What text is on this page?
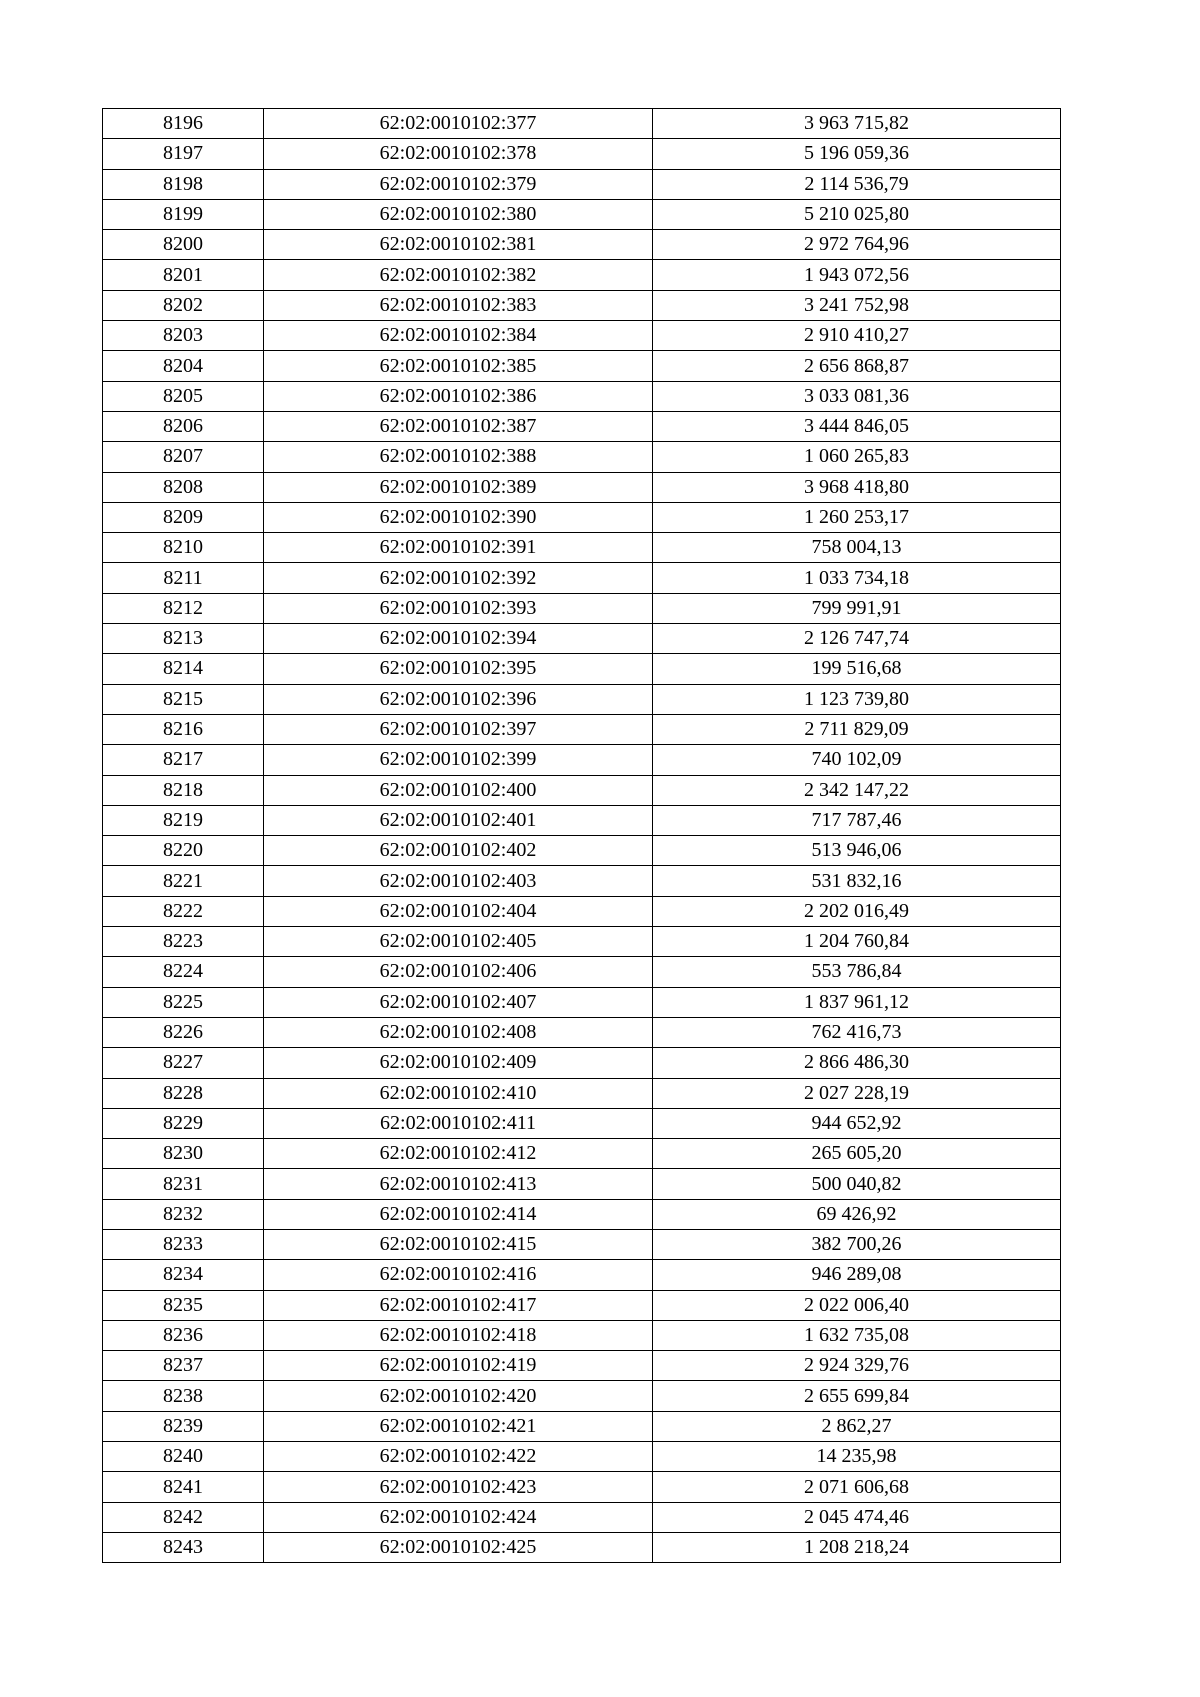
8196	62:02:0010102:377	3 963 715,82
8197	62:02:0010102:378	5 196 059,36
8198	62:02:0010102:379	2 114 536,79
8199	62:02:0010102:380	5 210 025,80
8200	62:02:0010102:381	2 972 764,96
8201	62:02:0010102:382	1 943 072,56
8202	62:02:0010102:383	3 241 752,98
8203	62:02:0010102:384	2 910 410,27
8204	62:02:0010102:385	2 656 868,87
8205	62:02:0010102:386	3 033 081,36
8206	62:02:0010102:387	3 444 846,05
8207	62:02:0010102:388	1 060 265,83
8208	62:02:0010102:389	3 968 418,80
8209	62:02:0010102:390	1 260 253,17
8210	62:02:0010102:391	758 004,13
8211	62:02:0010102:392	1 033 734,18
8212	62:02:0010102:393	799 991,91
8213	62:02:0010102:394	2 126 747,74
8214	62:02:0010102:395	199 516,68
8215	62:02:0010102:396	1 123 739,80
8216	62:02:0010102:397	2 711 829,09
8217	62:02:0010102:399	740 102,09
8218	62:02:0010102:400	2 342 147,22
8219	62:02:0010102:401	717 787,46
8220	62:02:0010102:402	513 946,06
8221	62:02:0010102:403	531 832,16
8222	62:02:0010102:404	2 202 016,49
8223	62:02:0010102:405	1 204 760,84
8224	62:02:0010102:406	553 786,84
8225	62:02:0010102:407	1 837 961,12
8226	62:02:0010102:408	762 416,73
8227	62:02:0010102:409	2 866 486,30
8228	62:02:0010102:410	2 027 228,19
8229	62:02:0010102:411	944 652,92
8230	62:02:0010102:412	265 605,20
8231	62:02:0010102:413	500 040,82
8232	62:02:0010102:414	69 426,92
8233	62:02:0010102:415	382 700,26
8234	62:02:0010102:416	946 289,08
8235	62:02:0010102:417	2 022 006,40
8236	62:02:0010102:418	1 632 735,08
8237	62:02:0010102:419	2 924 329,76
8238	62:02:0010102:420	2 655 699,84
8239	62:02:0010102:421	2 862,27
8240	62:02:0010102:422	14 235,98
8241	62:02:0010102:423	2 071 606,68
8242	62:02:0010102:424	2 045 474,46
8243	62:02:0010102:425	1 208 218,24
